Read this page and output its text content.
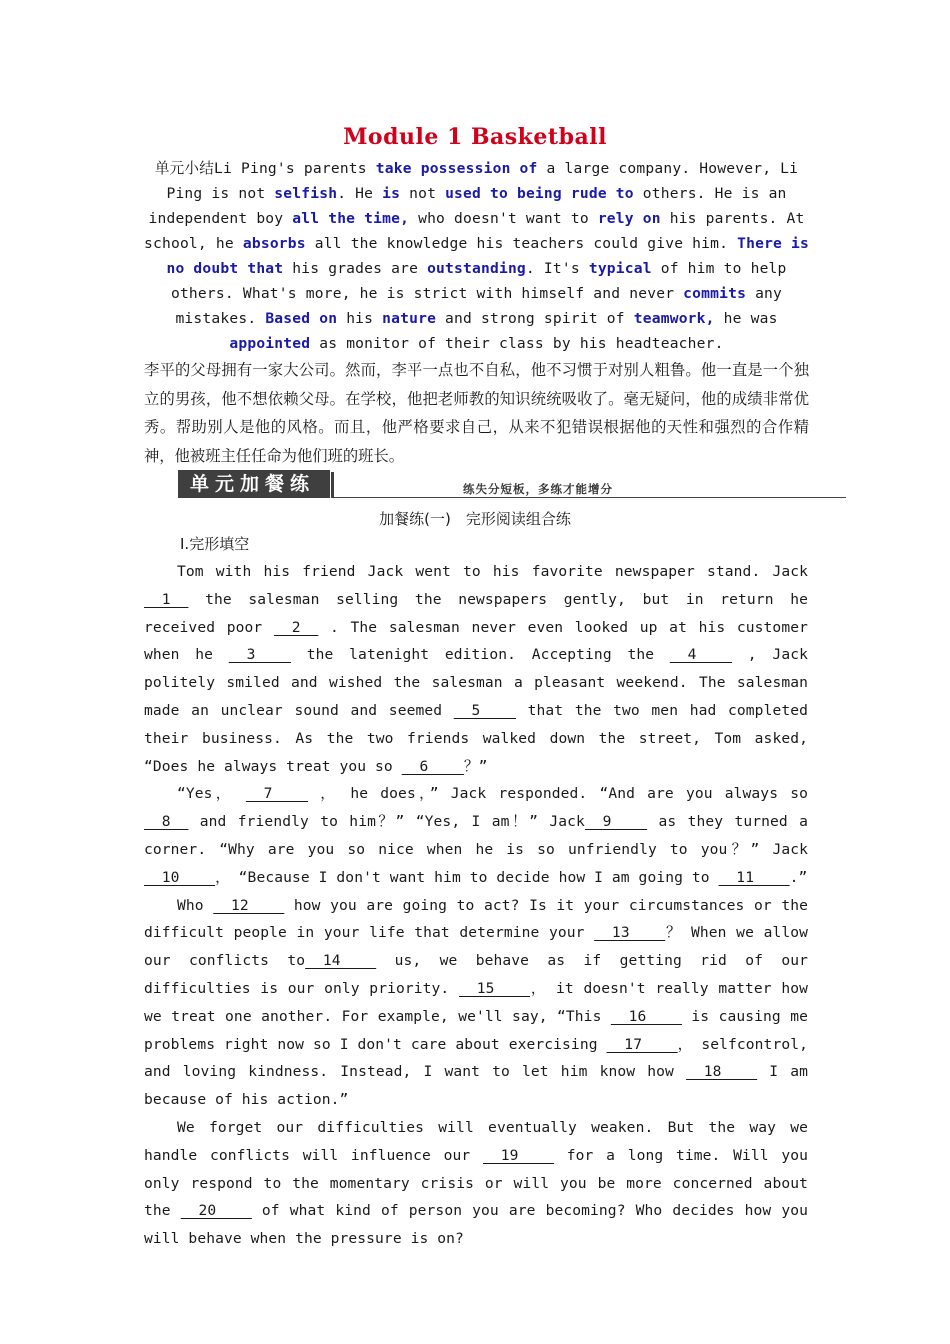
Module 1 Basketball
单元小结Li Ping's parents take possession of a large company. However, Li Ping is not selfish. He is not used to being rude to others. He is an independent boy all the time, who doesn't want to rely on his parents. At school, he absorbs all the knowledge his teachers could give him. There is no doubt that his grades are outstanding. It's typical of him to help others. What's more, he is strict with himself and never commits any mistakes. Based on his nature and strong spirit of teamwork, he was appointed as monitor of their class by his headteacher.
李平的父母拥有一家大公司。然而，李平一点也不自私，他不习惯于对别人粗鲁。他一直是一个独立的男孩，他不想依赖父母。在学校，他把老师教的知识统统吸收了。毫无疑问，他的成绩非常优秀。帮助别人是他的风格。而且，他严格要求自己，从来不犯错误根据他的天性和强烈的合作精神，他被班主任任命为他们班的班长。
单元加餐练	练失分短板，多练才能增分
加餐练(一)　完形阅读组合练
Ⅰ.完形填空

Tom with his friend Jack went to his favorite newspaper stand. Jack   1   the salesman selling the newspapers gently, but in return he received poor   2   . The salesman never even looked up at his customer when he   3     the latenight edition. Accepting the   4     , Jack politely smiled and wished the salesman a pleasant weekend. The salesman made an unclear sound and seemed   5     that the two men had completed their business. As the two friends walked down the street, Tom asked, “Does he always treat you so   6    ？”

“Yes，   7     ， he does，” Jack responded. “And are you always so   8   and friendly to him？” “Yes, I am！” Jack  9     as they turned a corner. “Why are you so nice when he is so unfriendly to you？” Jack   10    ， “Because I don't want him to decide how I am going to   11    .”

Who   12     how you are going to act? Is it your circumstances or the difficult people in your life that determine your   13    ？ When we allow our conflicts to  14     us, we behave as if getting rid of our difficulties is our only priority.   15    ， it doesn't really matter how we treat one another. For example, we'll say, “This   16     is causing me problems right now so I don't care about exercising   17    ， selfcontrol, and loving kindness. Instead, I want to let him know how   18     I am because of his action.”

We forget our difficulties will eventually weaken. But the way we handle conflicts will influence our   19     for a long time. Will you only respond to the momentary crisis or will you be more concerned about the   20     of what kind of person you are becoming? Who decides how you will behave when the pressure is on?
